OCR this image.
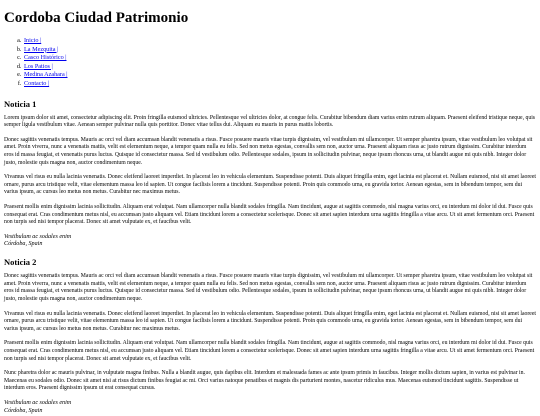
Cordoba Ciudad Patrimonio
a. Inicio |
b. La Mezquita |
c. Casco Histórico |
d. Los Patios |
e. Medina Azahara |
f. Contacto |
Noticia 1

Lorem ipsum dolor sit amet, consectetur adipiscing elit. Proin fringilla euismod ultricies. Pellentesque vel ultricies dolor, at congue felis. Curabitur bibendum diam varius enim rutrum aliquam. Praesent eleifend tristique neque, quis semper ligula vestibulum vitae. Aenean semper pulvinar nulla quis porttitor. Donec vitae tellus dui. Aliquam eu mauris in purus mattis lobortis.

Donec sagittis venenatis tempus. Mauris ac orci vel diam accumsan blandit venenatis a risus. Fusce posuere mauris vitae turpis dignissim, vel vestibulum mi ullamcorper. Ut semper pharetra ipsum, vitae vestibulum leo volutpat sit amet. Proin viverra, nunc a venenatis mattis, velit est elementum neque, a tempor quam nulla eu felis. Sed non metus egestas, convallis sem non, auctor urna. Praesent aliquam risus ac justo rutrum dignissim. Curabitur interdum eros id massa feugiat, et venenatis purus luctus. Quisque id consectetur massa. Sed id vestibulum odio. Pellentesque sodales, ipsum in sollicitudin pulvinar, neque ipsum rhoncus urna, ut blandit augue mi quis nibh. Integer dolor justo, molestie quis magna non, auctor condimentum neque.

Vivamus vel risus eu nulla lacinia venenatis. Donec eleifend laoreet imperdiet. In placerat leo in vehicula elementum. Suspendisse potenti. Duis aliquet fringilla enim, eget lacinia est placerat et. Nullam euismod, nisi sit amet laoreet ornare, purus arcu tristique velit, vitae elementum massa leo id sapien. Ut congue facilisis lorem a tincidunt. Suspendisse potenti. Proin quis commodo urna, eu gravida tortor. Aenean egestas, sem in bibendum tempor, sem dui varius ipsum, ac cursus leo metus non metus. Curabitur nec maximus metus.

Praesent mollis enim dignissim lacinia sollicitudin. Aliquam erat volutpat. Nam ullamcorper nulla blandit sodales fringilla. Nam tincidunt, augue at sagittis commodo, nisl magna varius orci, eu interdum mi dolor id dui. Fusce quis consequat erat. Cras condimentum metus nisl, eu accumsan justo aliquam vel. Etiam tincidunt lorem a consectetur scelerisque. Donec sit amet sapien interdum urna sagittis fringilla a vitae arcu. Ut sit amet fermentum orci. Praesent non turpis sed nisi tempor placerat. Donec sit amet vulputate ex, et faucibus velit.

Vestibulum ac sodales enim
Córdoba, Spain
Noticia 2

Donec sagittis venenatis tempus. Mauris ac orci vel diam accumsan blandit venenatis a risus. Fusce posuere mauris vitae turpis dignissim, vel vestibulum mi ullamcorper. Ut semper pharetra ipsum, vitae vestibulum leo volutpat sit amet. Proin viverra, nunc a venenatis mattis, velit est elementum neque, a tempor quam nulla eu felis. Sed non metus egestas, convallis sem non, auctor urna. Praesent aliquam risus ac justo rutrum dignissim. Curabitur interdum eros id massa feugiat, et venenatis purus luctus. Quisque id consectetur massa. Sed id vestibulum odio. Pellentesque sodales, ipsum in sollicitudin pulvinar, neque ipsum rhoncus urna, ut blandit augue mi quis nibh. Integer dolor justo, molestie quis magna non, auctor condimentum neque.

Vivamus vel risus eu nulla lacinia venenatis. Donec eleifend laoreet imperdiet. In placerat leo in vehicula elementum. Suspendisse potenti. Duis aliquet fringilla enim, eget lacinia est placerat et. Nullam euismod, nisi sit amet laoreet ornare, purus arcu tristique velit, vitae elementum massa leo id sapien. Ut congue facilisis lorem a tincidunt. Suspendisse potenti. Proin quis commodo urna, eu gravida tortor. Aenean egestas, sem in bibendum tempor, sem dui varius ipsum, ac cursus leo metus non metus. Curabitur nec maximus metus.

Praesent mollis enim dignissim lacinia sollicitudin. Aliquam erat volutpat. Nam ullamcorper nulla blandit sodales fringilla. Nam tincidunt, augue at sagittis commodo, nisl magna varius orci, eu interdum mi dolor id dui. Fusce quis consequat erat. Cras condimentum metus nisl, eu accumsan justo aliquam vel. Etiam tincidunt lorem a consectetur scelerisque. Donec sit amet sapien interdum urna sagittis fringilla a vitae arcu. Ut sit amet fermentum orci. Praesent non turpis sed nisi tempor placerat. Donec sit amet vulputate ex, et faucibus velit.

Nunc pharetra dolor ac mauris pulvinar, in vulputate magna finibus. Nulla a blandit augue, quis dapibus elit. Interdum et malesuada fames ac ante ipsum primis in faucibus. Integer mollis dictum sapien, in varius est pulvinar in. Maecenas eu sodales odio. Donec sit amet nisi at risus dictum finibus feugiat ac mi. Orci varius natoque penatibus et magnis dis parturient montes, nascetur ridiculus mus. Maecenas euismod tincidunt sagittis. Suspendisse ut interdum eros. Praesent dignissim ipsum ut erat consequat cursus.

Vestibulum ac sodales enim
Córdoba, Spain
